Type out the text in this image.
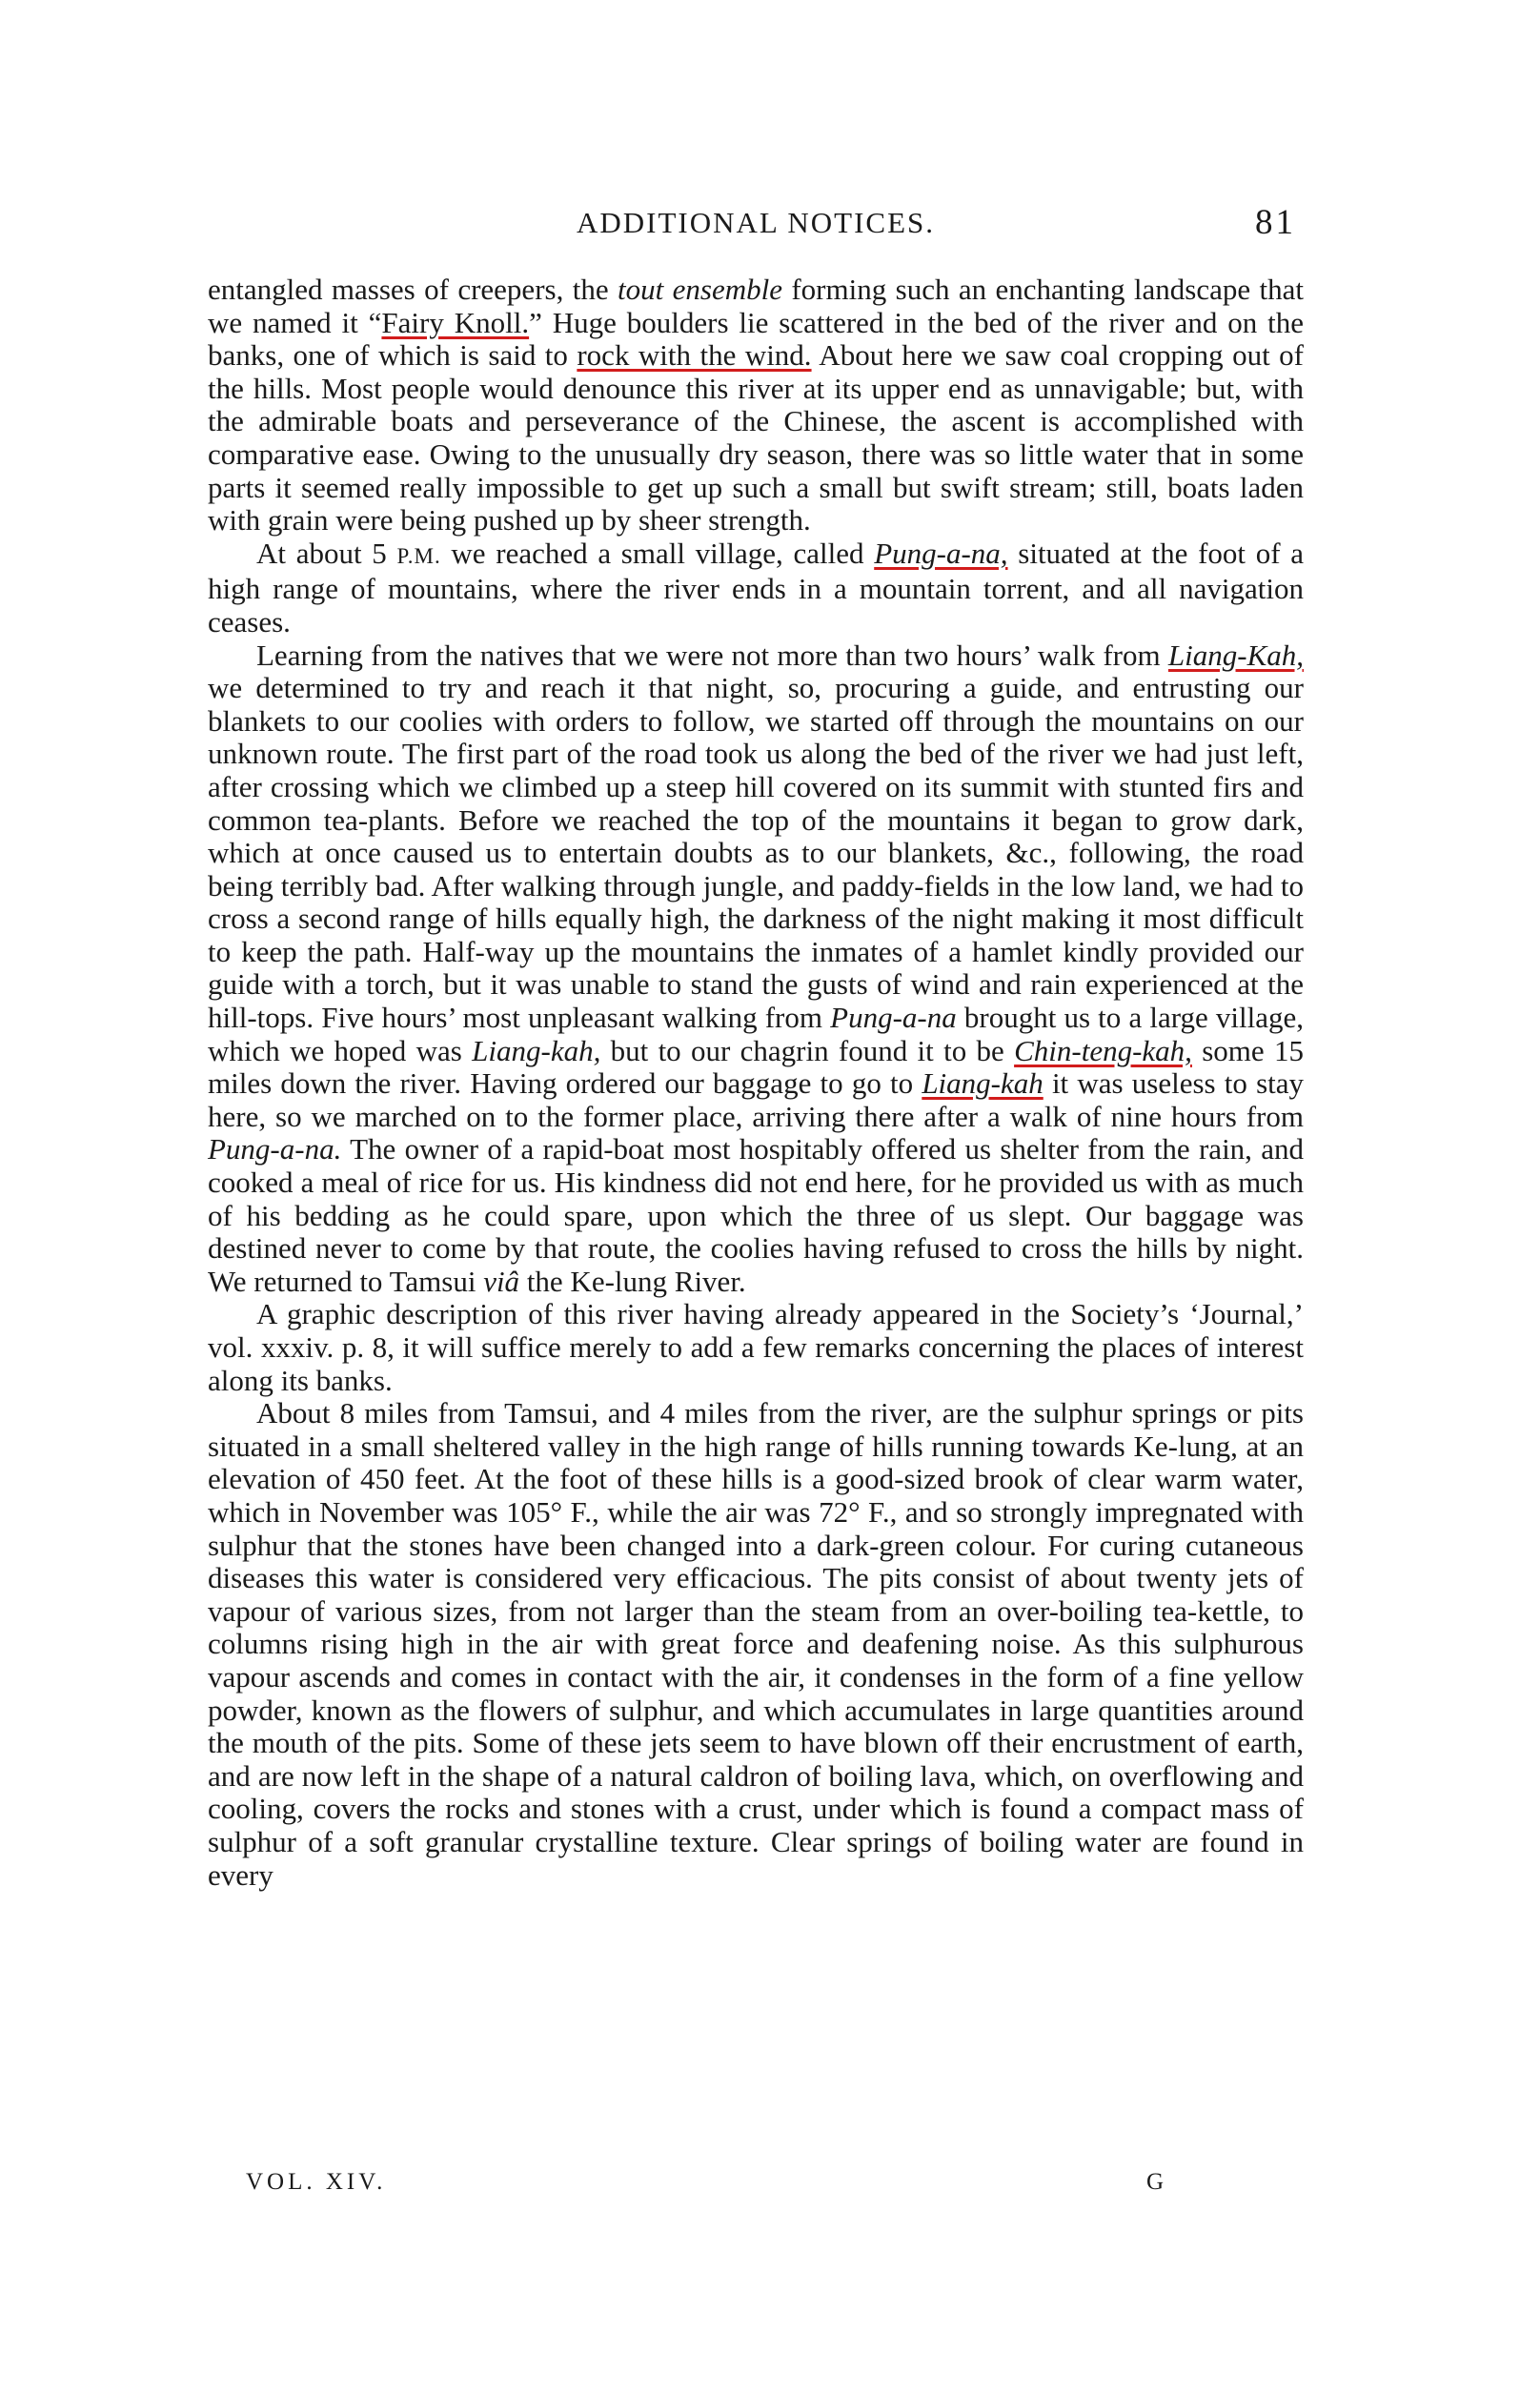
ADDITIONAL NOTICES.	81

entangled masses of creepers, the tout ensemble forming such an enchanting landscape that we named it “Fairy Knoll.” Huge boulders lie scattered in the bed of the river and on the banks, one of which is said to rock with the wind. About here we saw coal cropping out of the hills. Most people would denounce this river at its upper end as unnavigable; but, with the admirable boats and perseverance of the Chinese, the ascent is accomplished with comparative ease. Owing to the unusually dry season, there was so little water that in some parts it seemed really impossible to get up such a small but swift stream; still, boats laden with grain were being pushed up by sheer strength.

At about 5 P.M. we reached a small village, called Pung-a-na, situated at the foot of a high range of mountains, where the river ends in a mountain torrent, and all navigation ceases.

Learning from the natives that we were not more than two hours’ walk from Liang-Kah, we determined to try and reach it that night, so, procuring a guide, and entrusting our blankets to our coolies with orders to follow, we started off through the mountains on our unknown route. The first part of the road took us along the bed of the river we had just left, after crossing which we climbed up a steep hill covered on its summit with stunted firs and common tea-plants. Before we reached the top of the mountains it began to grow dark, which at once caused us to entertain doubts as to our blankets, &c., following, the road being terribly bad. After walking through jungle, and paddy-fields in the low land, we had to cross a second range of hills equally high, the darkness of the night making it most difficult to keep the path. Half-way up the mountains the inmates of a hamlet kindly provided our guide with a torch, but it was unable to stand the gusts of wind and rain experienced at the hill-tops. Five hours’ most unpleasant walking from Pung-a-na brought us to a large village, which we hoped was Liang-kah, but to our chagrin found it to be Chin-teng-kah, some 15 miles down the river. Having ordered our baggage to go to Liang-kah it was useless to stay here, so we marched on to the former place, arriving there after a walk of nine hours from Pung-a-na. The owner of a rapid-boat most hospitably offered us shelter from the rain, and cooked a meal of rice for us. His kindness did not end here, for he provided us with as much of his bedding as he could spare, upon which the three of us slept. Our baggage was destined never to come by that route, the coolies having refused to cross the hills by night. We returned to Tamsui viâ the Ke-lung River.

A graphic description of this river having already appeared in the Society’s ‘Journal,’ vol. xxxiv. p. 8, it will suffice merely to add a few remarks concerning the places of interest along its banks.

About 8 miles from Tamsui, and 4 miles from the river, are the sulphur springs or pits situated in a small sheltered valley in the high range of hills running towards Ke-lung, at an elevation of 450 feet. At the foot of these hills is a good-sized brook of clear warm water, which in November was 105° F., while the air was 72° F., and so strongly impregnated with sulphur that the stones have been changed into a dark-green colour. For curing cutaneous diseases this water is considered very efficacious. The pits consist of about twenty jets of vapour of various sizes, from not larger than the steam from an over-boiling tea-kettle, to columns rising high in the air with great force and deafening noise. As this sulphurous vapour ascends and comes in contact with the air, it condenses in the form of a fine yellow powder, known as the flowers of sulphur, and which accumulates in large quantities around the mouth of the pits. Some of these jets seem to have blown off their encrustment of earth, and are now left in the shape of a natural caldron of boiling lava, which, on overflowing and cooling, covers the rocks and stones with a crust, under which is found a compact mass of sulphur of a soft granular crystalline texture. Clear springs of boiling water are found in every

VOL. XIV.	G
